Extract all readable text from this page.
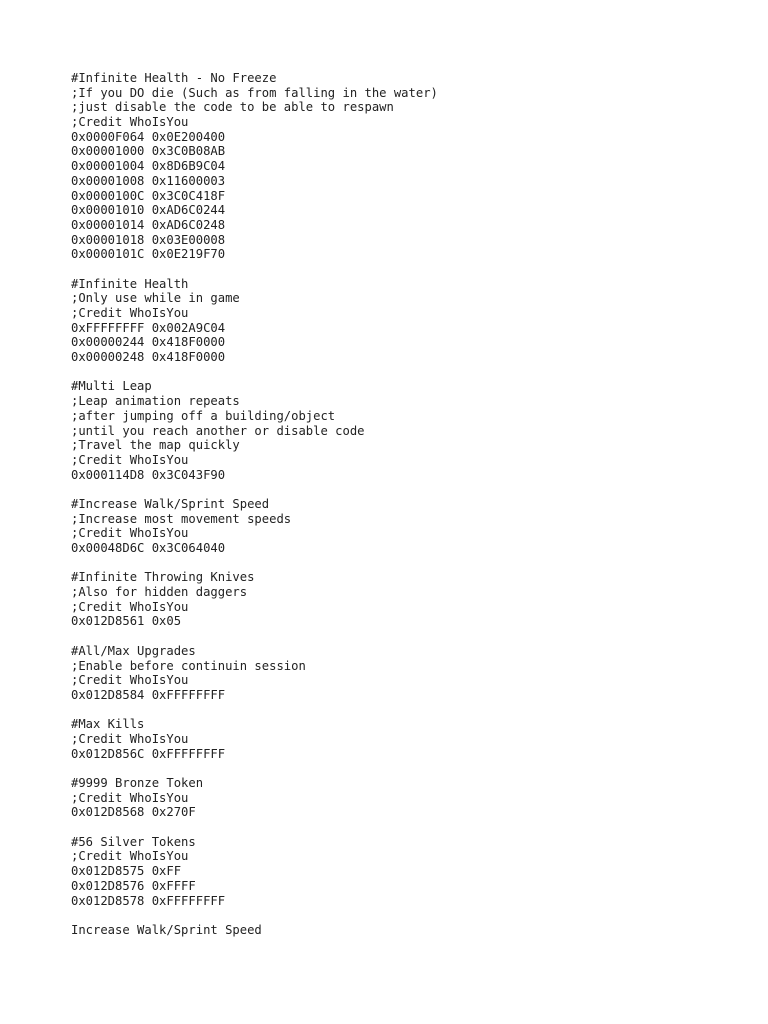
#Infinite Health - No Freeze
;If you DO die (Such as from falling in the water)
;just disable the code to be able to respawn
;Credit WhoIsYou
0x0000F064 0x0E200400
0x00001000 0x3C0B08AB
0x00001004 0x8D6B9C04
0x00001008 0x11600003
0x0000100C 0x3C0C418F
0x00001010 0xAD6C0244
0x00001014 0xAD6C0248
0x00001018 0x03E00008
0x0000101C 0x0E219F70
#Infinite Health
;Only use while in game
;Credit WhoIsYou
0xFFFFFFFF 0x002A9C04
0x00000244 0x418F0000
0x00000248 0x418F0000
#Multi Leap
;Leap animation repeats
;after jumping off a building/object
;until you reach another or disable code
;Travel the map quickly
;Credit WhoIsYou
0x000114D8 0x3C043F90
#Increase Walk/Sprint Speed
;Increase most movement speeds
;Credit WhoIsYou
0x00048D6C 0x3C064040
#Infinite Throwing Knives
;Also for hidden daggers
;Credit WhoIsYou
0x012D8561 0x05
#All/Max Upgrades
;Enable before continuin session
;Credit WhoIsYou
0x012D8584 0xFFFFFFFF
#Max Kills
;Credit WhoIsYou
0x012D856C 0xFFFFFFFF
#9999 Bronze Token
;Credit WhoIsYou
0x012D8568 0x270F
#56 Silver Tokens
;Credit WhoIsYou
0x012D8575 0xFF
0x012D8576 0xFFFF
0x012D8578 0xFFFFFFFF
Increase Walk/Sprint Speed
